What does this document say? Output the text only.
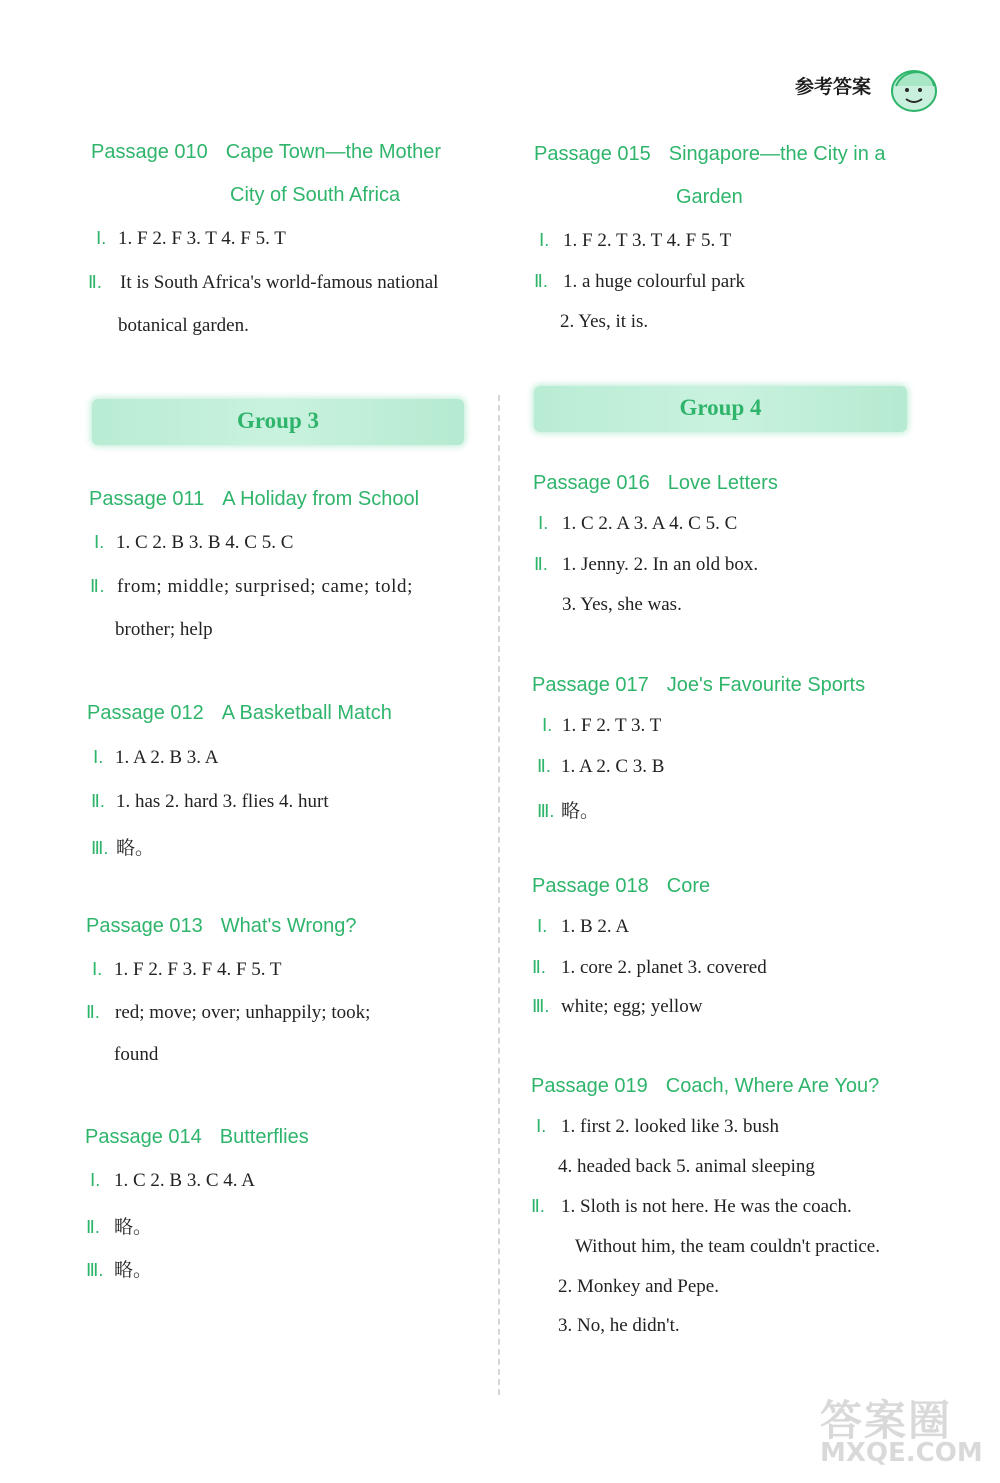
参考答案
Passage 010 Cape Town—the Mother
City of South Africa
Ⅰ. 1. F 2. F 3. T 4. F 5. T
Ⅱ. It is South Africa's world-famous national
botanical garden.
Group 3
Passage 011 A Holiday from School
Ⅰ. 1. C 2. B 3. B 4. C 5. C
Ⅱ. from; middle; surprised; came; told;
brother; help
Passage 012 A Basketball Match
Ⅰ. 1. A 2. B 3. A
Ⅱ. 1. has 2. hard 3. flies 4. hurt
Ⅲ. 略。
Passage 013 What's Wrong?
Ⅰ. 1. F 2. F 3. F 4. F 5. T
Ⅱ. red; move; over; unhappily; took;
found
Passage 014 Butterflies
Ⅰ. 1. C 2. B 3. C 4. A
Ⅱ. 略。
Ⅲ. 略。
Passage 015 Singapore—the City in a
Garden
Ⅰ. 1. F 2. T 3. T 4. F 5. T
Ⅱ. 1. a huge colourful park
2. Yes, it is.
Group 4
Passage 016 Love Letters
Ⅰ. 1. C 2. A 3. A 4. C 5. C
Ⅱ. 1. Jenny. 2. In an old box.
3. Yes, she was.
Passage 017 Joe's Favourite Sports
Ⅰ. 1. F 2. T 3. T
Ⅱ. 1. A 2. C 3. B
Ⅲ. 略。
Passage 018 Core
Ⅰ. 1. B 2. A
Ⅱ. 1. core 2. planet 3. covered
Ⅲ. white; egg; yellow
Passage 019 Coach, Where Are You?
Ⅰ. 1. first 2. looked like 3. bush
4. headed back 5. animal sleeping
Ⅱ. 1. Sloth is not here. He was the coach.
Without him, the team couldn't practice.
2. Monkey and Pepe.
3. No, he didn't.
答案圈
MXQE.COM
